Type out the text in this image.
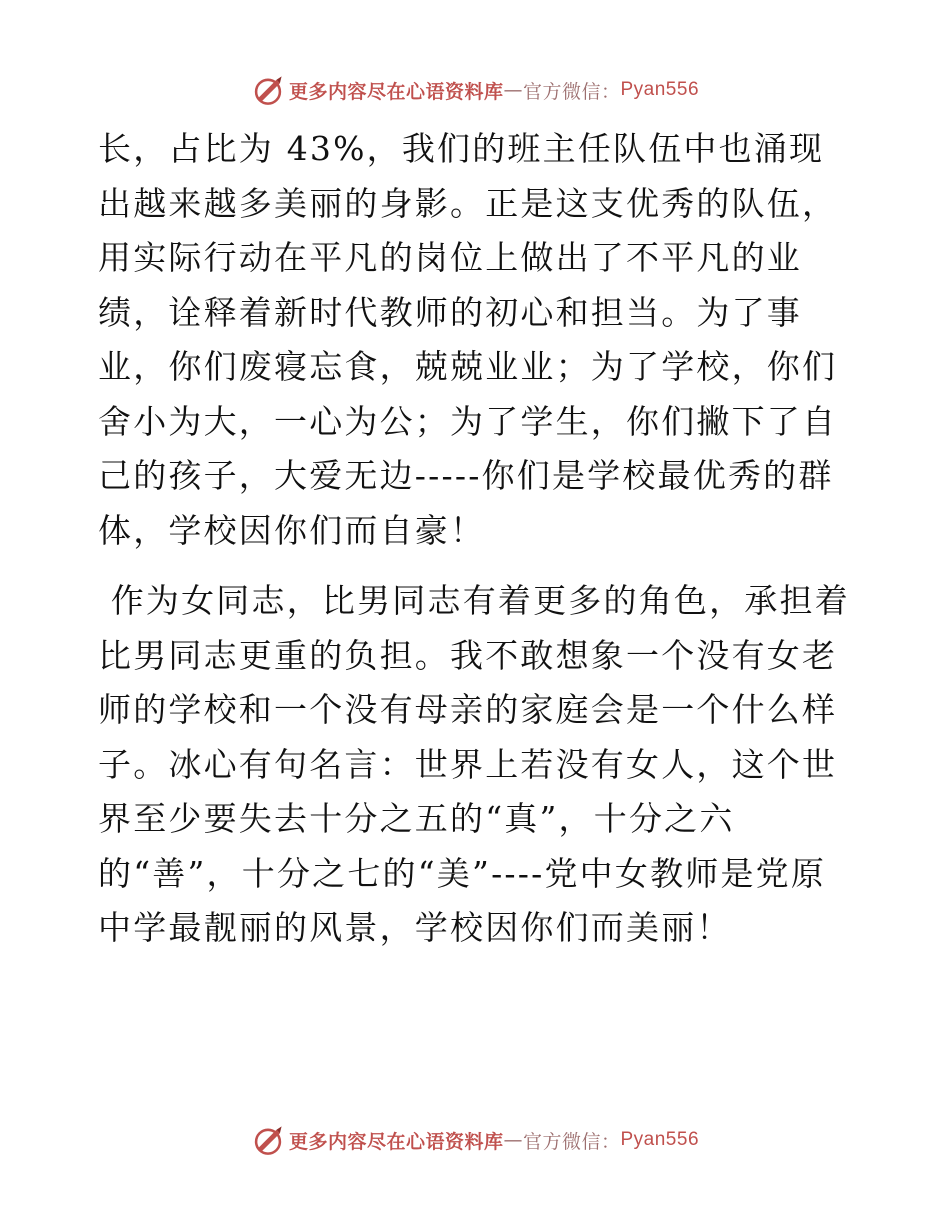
更多内容尽在心语资料库 — 官方微信： Pyan556

长，占比为 43%，我们的班主任队伍中也涌现出越来越多美丽的身影。正是这支优秀的队伍，用实际行动在平凡的岗位上做出了不平凡的业绩，诠释着新时代教师的初心和担当。为了事业，你们废寝忘食，兢兢业业；为了学校，你们舍小为大，一心为公；为了学生，你们撇下了自己的孩子，大爱无边-----你们是学校最优秀的群体，学校因你们而自豪！

作为女同志，比男同志有着更多的角色，承担着比男同志更重的负担。我不敢想象一个没有女老师的学校和一个没有母亲的家庭会是一个什么样子。冰心有句名言：世界上若没有女人，这个世界至少要失去十分之五的“真”，十分之六的“善”，十分之七的“美”----党中女教师是党原中学最靓丽的风景，学校因你们而美丽！

更多内容尽在心语资料库 — 官方微信： Pyan556
